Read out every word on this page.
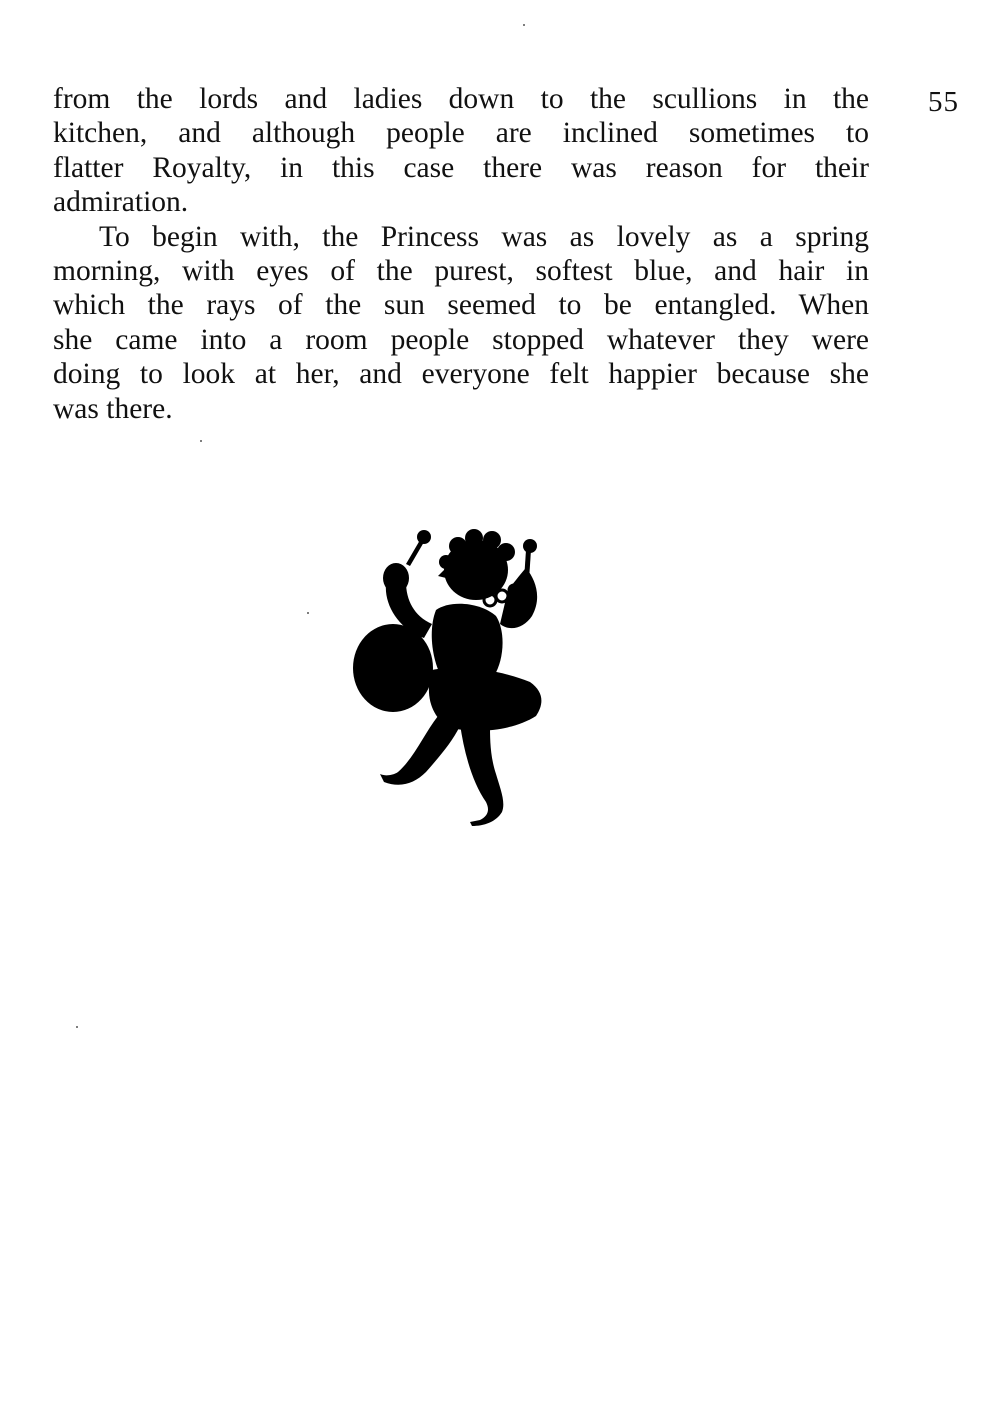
55
from the lords and ladies down to the scullions in the
kitchen, and although people are inclined sometimes to
flatter Royalty, in this case there was reason for their
admiration.
To begin with, the Princess was as lovely as a spring
morning, with eyes of the purest, softest blue, and hair in
which the rays of the sun seemed to be entangled. When
she came into a room people stopped whatever they were
doing to look at her, and everyone felt happier because she
was there.
